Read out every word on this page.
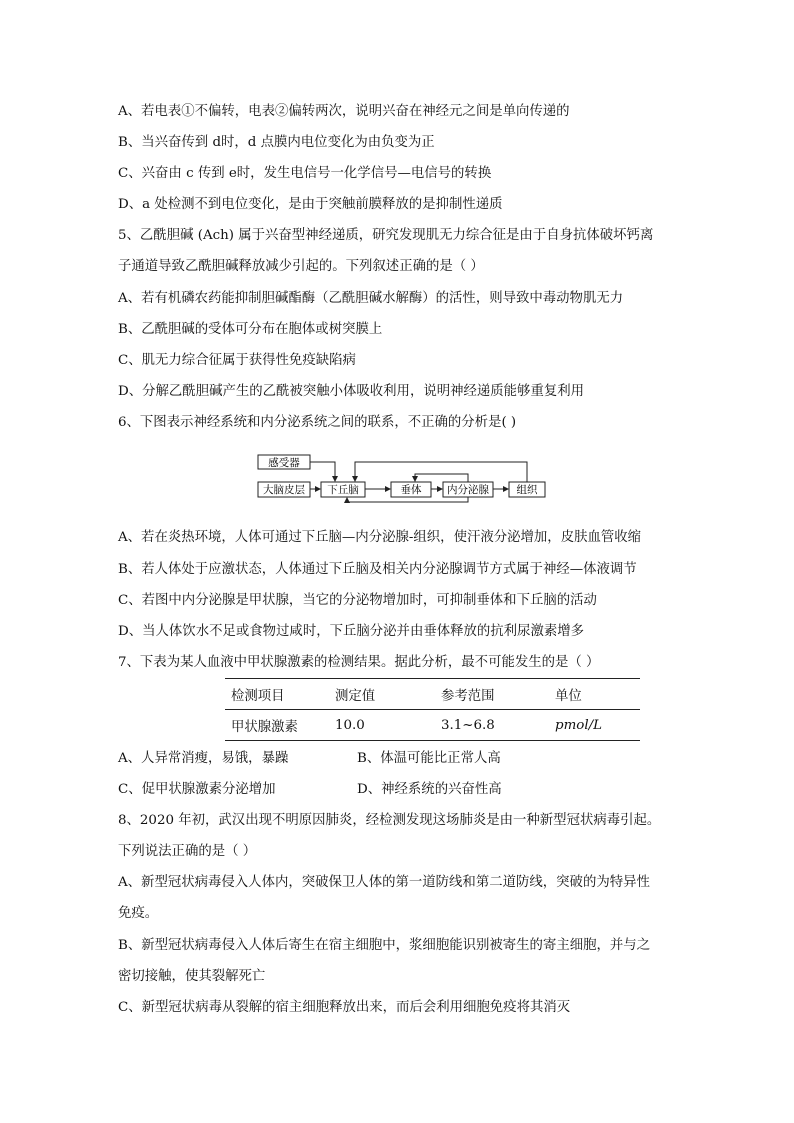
A、若电表①不偏转，电表②偏转两次，说明兴奋在神经元之间是单向传递的
B、当兴奋传到 d时，d 点膜内电位变化为由负变为正
C、兴奋由 c 传到 e时，发生电信号一化学信号—电信号的转换
D、a 处检测不到电位变化，是由于突触前膜释放的是抑制性递质
5、乙酰胆碱 (Ach) 属于兴奋型神经递质，研究发现肌无力综合征是由于自身抗体破坏钙离
子通道导致乙酰胆碱释放减少引起的。下列叙述正确的是（ ）
A、若有机磷农药能抑制胆碱酯酶（乙酰胆碱水解酶）的活性，则导致中毒动物肌无力
B、乙酰胆碱的受体可分布在胞体或树突膜上
C、肌无力综合征属于获得性免疫缺陷病
D、分解乙酰胆碱产生的乙酰被突触小体吸收利用，说明神经递质能够重复利用
6、下图表示神经系统和内分泌系统之间的联系，不正确的分析是( )
感受器
大脑皮层 下丘脑	垂体 内分泌腺	组织
A、若在炎热环境，人体可通过下丘脑—内分泌腺-组织，使汗液分泌增加，皮肤血管收缩
B、若人体处于应激状态，人体通过下丘脑及相关内分泌腺调节方式属于神经—体液调节
C、若图中内分泌腺是甲状腺，当它的分泌物增加时，可抑制垂体和下丘脑的活动
D、当人体饮水不足或食物过咸时，下丘脑分泌并由垂体释放的抗利尿激素增多
7、下表为某人血液中甲状腺激素的检测结果。据此分析，最不可能发生的是（ ）
检测项目	测定值	参考范围	单位
甲状腺激素	10.0	3.1~6.8	pmol/L
A、人异常消瘦，易饿，暴躁	B、体温可能比正常人高
C、促甲状腺激素分泌增加	D、神经系统的兴奋性高
8、2020 年初，武汉出现不明原因肺炎，经检测发现这场肺炎是由一种新型冠状病毒引起。
下列说法正确的是（ ）
A、新型冠状病毒侵入人体内，突破保卫人体的第一道防线和第二道防线，突破的为特异性
免疫。
B、新型冠状病毒侵入人体后寄生在宿主细胞中，浆细胞能识别被寄生的寄主细胞，并与之
密切接触，使其裂解死亡
C、新型冠状病毒从裂解的宿主细胞释放出来，而后会利用细胞免疫将其消灭
